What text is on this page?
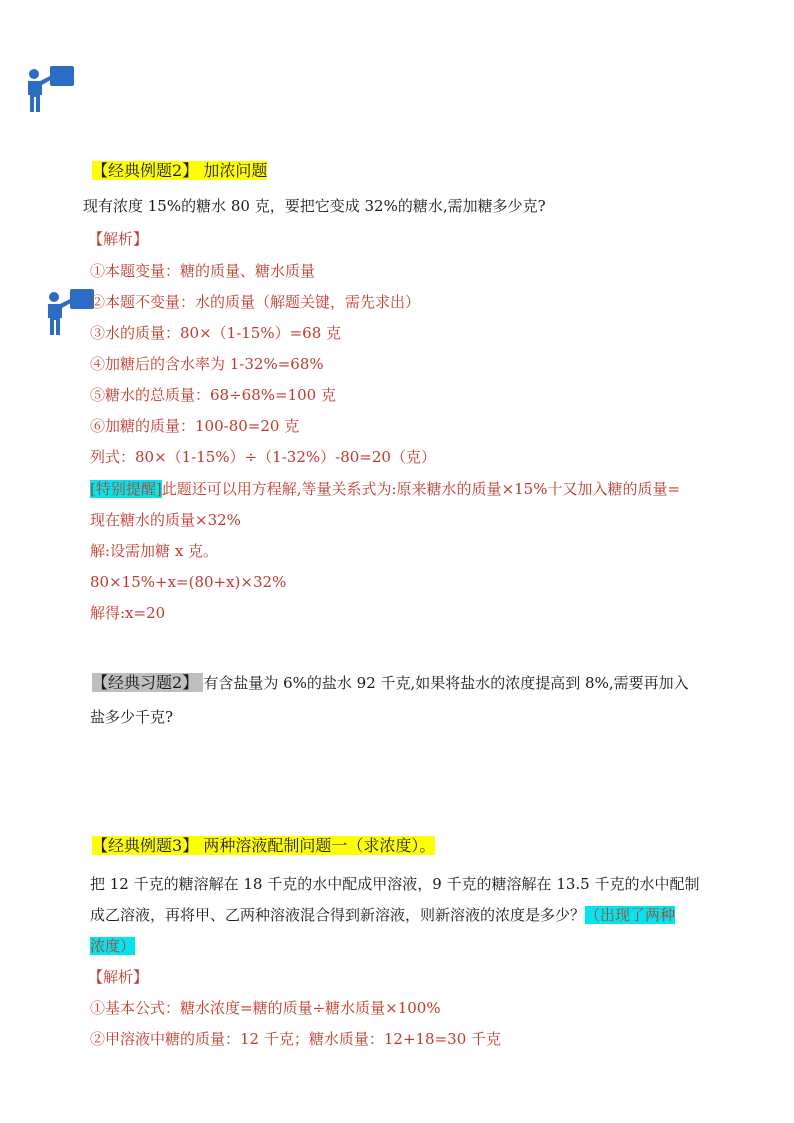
【经典例题2】 加浓问题
现有浓度 15%的糖水 80 克，要把它变成 32%的糖水,需加糖多少克?
【解析】
①本题变量：糖的质量、糖水质量
②本题不变量：水的质量（解题关键，需先求出）
③水的质量：80×（1-15%）=68 克
④加糖后的含水率为 1-32%=68%
⑤糖水的总质量：68÷68%=100 克
⑥加糖的质量：100-80=20 克
列式：80×（1-15%）÷（1-32%）-80=20（克）
[特别提醒]此题还可以用方程解,等量关系式为:原来糖水的质量×15%十又加入糖的质量=
现在糖水的质量×32%
解:设需加糖 x 克。
80×15%+x=(80+x)×32%
解得:x=20
【经典习题2】 有含盐量为 6%的盐水 92 千克,如果将盐水的浓度提高到 8%,需要再加入
盐多少千克?
【经典例题3】 两种溶液配制问题一（求浓度）。
把 12 千克的糖溶解在 18 千克的水中配成甲溶液，9 千克的糖溶解在 13.5 千克的水中配制
成乙溶液，再将甲、乙两种溶液混合得到新溶液，则新溶液的浓度是多少？（出现了两种
浓度）
【解析】
①基本公式：糖水浓度=糖的质量÷糖水质量×100%
②甲溶液中糖的质量：12 千克；糖水质量：12+18=30 千克
